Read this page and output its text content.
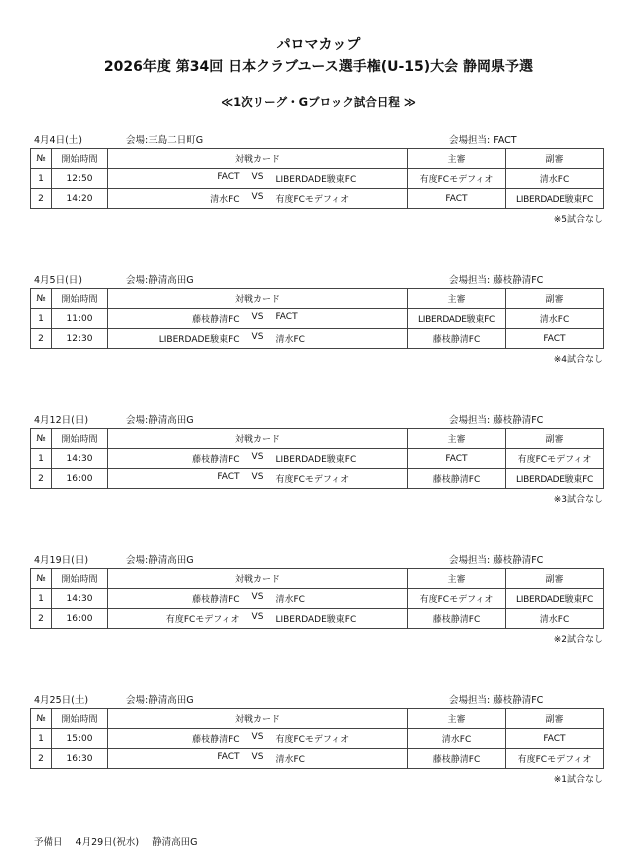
パロマカップ
2026年度 第34回 日本クラブユース選手権(U-15)大会 静岡県予選
≪1次リーグ・Gブロック試合日程 ≫
4月4日(土)	会場:三島二日町G	会場担当: FACT
№	開始時間	対戦カード	主審	副審
1	12:50	FACT VS LIBERDADE駿東FC	有度FCモデフィオ	清水FC
2	14:20	清水FC VS 有度FCモデフィオ	FACT	LIBERDADE駿東FC
※5試合なし
4月5日(日)	会場:静清高田G	会場担当: 藤枝静清FC
№	開始時間	対戦カード	主審	副審
1	11:00	藤枝静清FC VS FACT	LIBERDADE駿東FC	清水FC
2	12:30	LIBERDADE駿東FC VS 清水FC	藤枝静清FC	FACT
※4試合なし
4月12日(日)	会場:静清高田G	会場担当: 藤枝静清FC
№	開始時間	対戦カード	主審	副審
1	14:30	藤枝静清FC VS LIBERDADE駿東FC	FACT	有度FCモデフィオ
2	16:00	FACT VS 有度FCモデフィオ	藤枝静清FC	LIBERDADE駿東FC
※3試合なし
4月19日(日)	会場:静清高田G	会場担当: 藤枝静清FC
№	開始時間	対戦カード	主審	副審
1	14:30	藤枝静清FC VS 清水FC	有度FCモデフィオ	LIBERDADE駿東FC
2	16:00	有度FCモデフィオ VS LIBERDADE駿東FC	藤枝静清FC	清水FC
※2試合なし
4月25日(土)	会場:静清高田G	会場担当: 藤枝静清FC
№	開始時間	対戦カード	主審	副審
1	15:00	藤枝静清FC VS 有度FCモデフィオ	清水FC	FACT
2	16:30	FACT VS 清水FC	藤枝静清FC	有度FCモデフィオ
※1試合なし
予備日 4月29日(祝水) 静清高田G
